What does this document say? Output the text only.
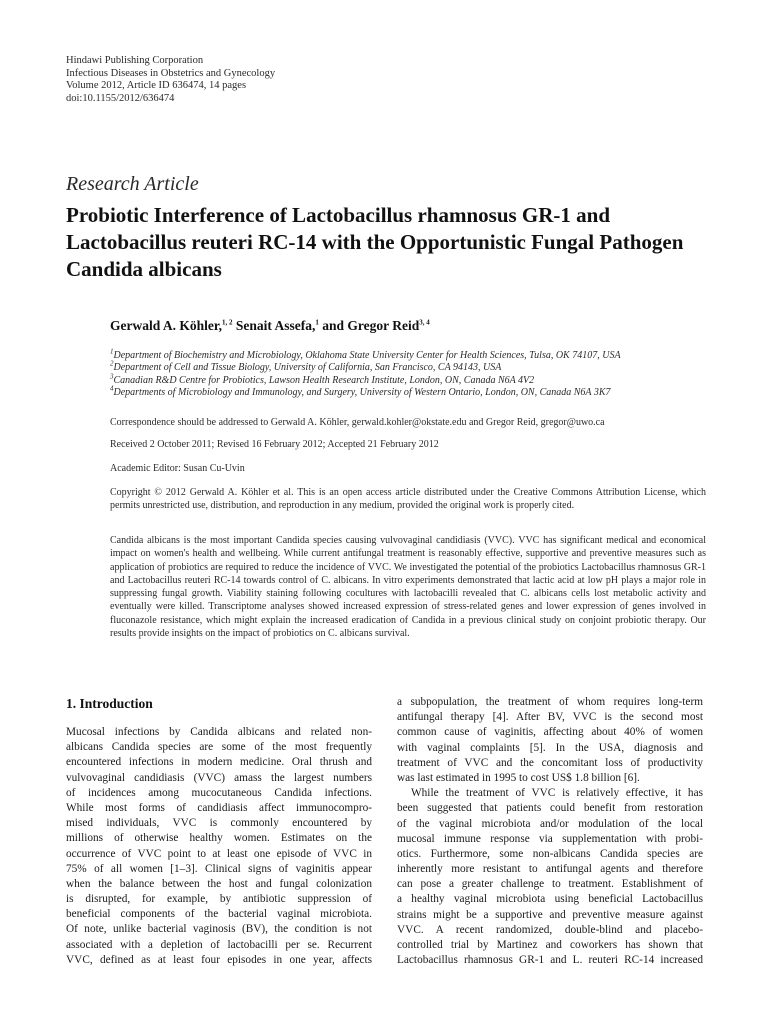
Hindawi Publishing Corporation
Infectious Diseases in Obstetrics and Gynecology
Volume 2012, Article ID 636474, 14 pages
doi:10.1155/2012/636474
Research Article
Probiotic Interference of Lactobacillus rhamnosus GR-1 and Lactobacillus reuteri RC-14 with the Opportunistic Fungal Pathogen Candida albicans
Gerwald A. Köhler,$^{1, 2}$ Senait Assefa,$^1$ and Gregor Reid$^{3, 4}$
$^1$Department of Biochemistry and Microbiology, Oklahoma State University Center for Health Sciences, Tulsa, OK 74107, USA
$^2$Department of Cell and Tissue Biology, University of California, San Francisco, CA 94143, USA
$^3$Canadian R&D Centre for Probiotics, Lawson Health Research Institute, London, ON, Canada N6A 4V2
$^4$Departments of Microbiology and Immunology, and Surgery, University of Western Ontario, London, ON, Canada N6A 3K7
Correspondence should be addressed to Gerwald A. Köhler, gerwald.kohler@okstate.edu and Gregor Reid, gregor@uwo.ca
Received 2 October 2011; Revised 16 February 2012; Accepted 21 February 2012
Academic Editor: Susan Cu-Uvin
Copyright © 2012 Gerwald A. Köhler et al. This is an open access article distributed under the Creative Commons Attribution License, which permits unrestricted use, distribution, and reproduction in any medium, provided the original work is properly cited.
Candida albicans is the most important Candida species causing vulvovaginal candidiasis (VVC). VVC has significant medical and economical impact on women's health and wellbeing. While current antifungal treatment is reasonably effective, supportive and preventive measures such as application of probiotics are required to reduce the incidence of VVC. We investigated the potential of the probiotics Lactobacillus rhamnosus GR-1 and Lactobacillus reuteri RC-14 towards control of C. albicans. In vitro experiments demonstrated that lactic acid at low pH plays a major role in suppressing fungal growth. Viability staining following cocultures with lactobacilli revealed that C. albicans cells lost metabolic activity and eventually were killed. Transcriptome analyses showed increased expression of stress-related genes and lower expression of genes involved in fluconazole resistance, which might explain the increased eradication of Candida in a previous clinical study on conjoint probiotic therapy. Our results provide insights on the impact of probiotics on C. albicans survival.
1. Introduction
Mucosal infections by Candida albicans and related non-
albicans Candida species are some of the most frequently
encountered infections in modern medicine. Oral thrush and
vulvovaginal candidiasis (VVC) amass the largest numbers
of incidences among mucocutaneous Candida infections.
While most forms of candidiasis affect immunocompro-
mised individuals, VVC is commonly encountered by
millions of otherwise healthy women. Estimates on the
occurrence of VVC point to at least one episode of VVC in
75% of all women [1–3]. Clinical signs of vaginitis appear
when the balance between the host and fungal colonization
is disrupted, for example, by antibiotic suppression of
beneficial components of the bacterial vaginal microbiota.
Of note, unlike bacterial vaginosis (BV), the condition is not
associated with a depletion of lactobacilli per se. Recurrent
VVC, defined as at least four episodes in one year, affects
a subpopulation, the treatment of whom requires long-term
antifungal therapy [4]. After BV, VVC is the second most
common cause of vaginitis, affecting about 40% of women
with vaginal complaints [5]. In the USA, diagnosis and
treatment of VVC and the concomitant loss of productivity
was last estimated in 1995 to cost US$ 1.8 billion [6].
While the treatment of VVC is relatively effective, it has
been suggested that patients could benefit from restoration
of the vaginal microbiota and/or modulation of the local
mucosal immune response via supplementation with probi-
otics. Furthermore, some non-albicans Candida species are
inherently more resistant to antifungal agents and therefore
can pose a greater challenge to treatment. Establishment of
a healthy vaginal microbiota using beneficial Lactobacillus
strains might be a supportive and preventive measure against
VVC. A recent randomized, double-blind and placebo-
controlled trial by Martinez and coworkers has shown that
Lactobacillus rhamnosus GR-1 and L. reuteri RC-14 increased
